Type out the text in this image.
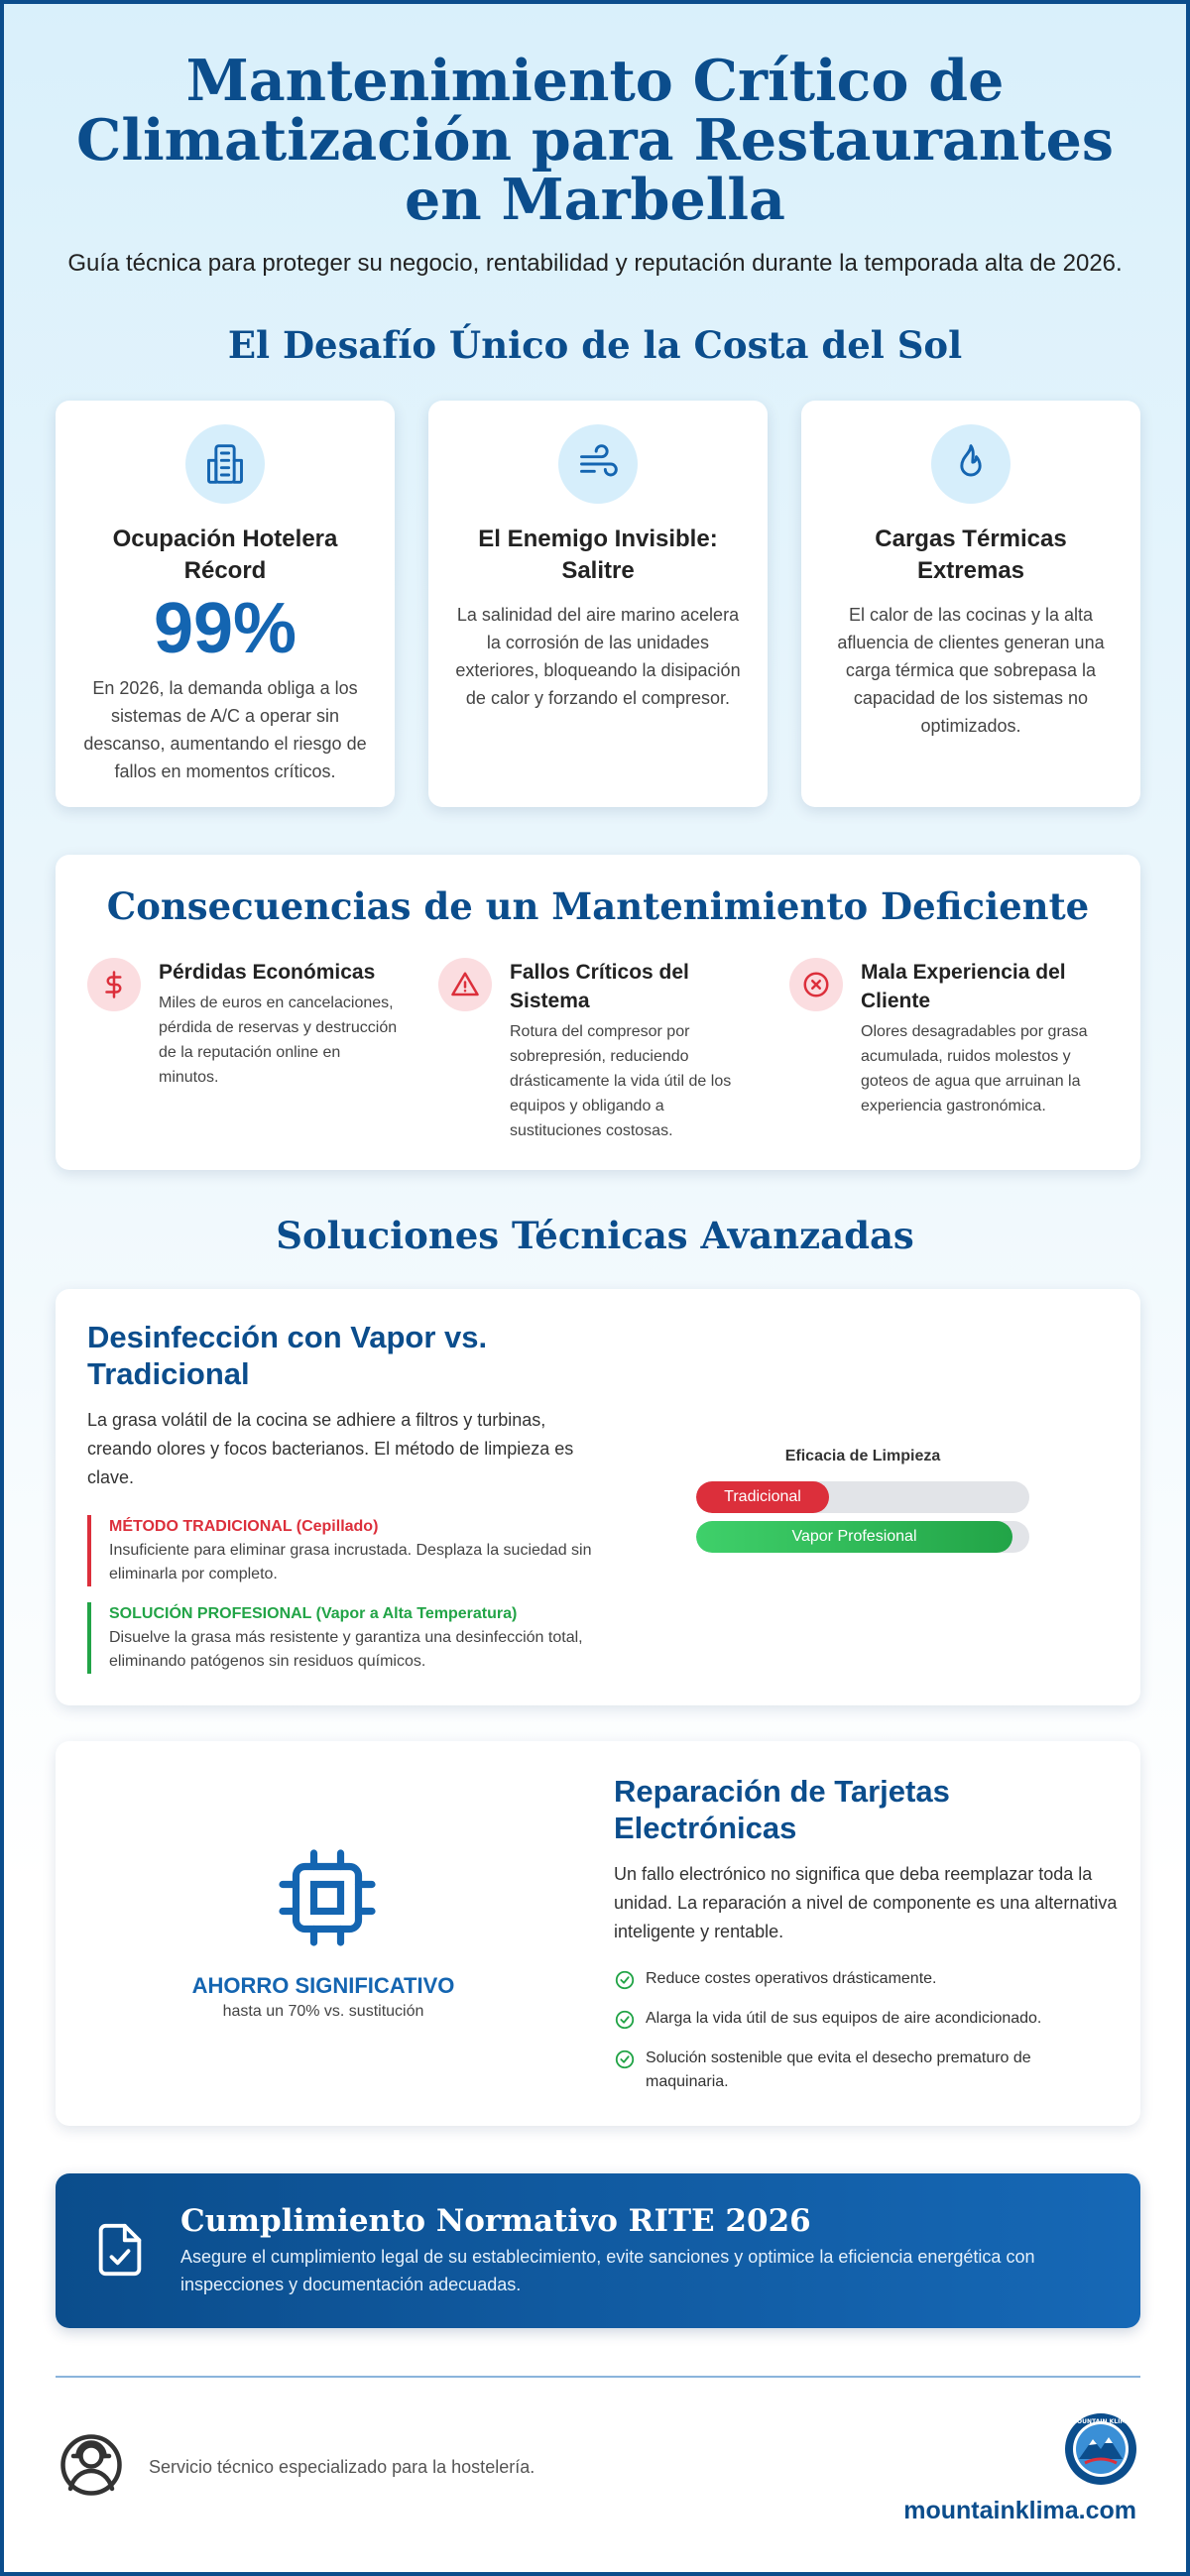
Mantenimiento Crítico de Climatización para Restaurantes en Marbella

Guía técnica para proteger su negocio, rentabilidad y reputación durante la temporada alta de 2026.

El Desafío Único de la Costa del Sol
Ocupación Hotelera Récord
99%

En 2026, la demanda obliga a los sistemas de A/C a operar sin descanso, aumentando el riesgo de fallos en momentos críticos.

El Enemigo Invisible: Salitre

La salinidad del aire marino acelera la corrosión de las unidades exteriores, bloqueando la disipación de calor y forzando el compresor.

Cargas Térmicas Extremas

El calor de las cocinas y la alta afluencia de clientes generan una carga térmica que sobrepasa la capacidad de los sistemas no optimizados.

Consecuencias de un Mantenimiento Deficiente
Pérdidas Económicas

Miles de euros en cancelaciones, pérdida de reservas y destrucción de la reputación online en minutos.

Fallos Críticos del Sistema

Rotura del compresor por sobrepresión, reduciendo drásticamente la vida útil de los equipos y obligando a sustituciones costosas.

Mala Experiencia del Cliente

Olores desagradables por grasa acumulada, ruidos molestos y goteos de agua que arruinan la experiencia gastronómica.

Soluciones Técnicas Avanzadas
Desinfección con Vapor vs. Tradicional

La grasa volátil de la cocina se adhiere a filtros y turbinas, creando olores y focos bacterianos. El método de limpieza es clave.

MÉTODO TRADICIONAL (Cepillado)
Insuficiente para eliminar grasa incrustada. Desplaza la suciedad sin eliminarla por completo.
SOLUCIÓN PROFESIONAL (Vapor a Alta Temperatura)
Disuelve la grasa más resistente y garantiza una desinfección total, eliminando patógenos sin residuos químicos.
Eficacia de Limpieza
Tradicional
Vapor Profesional
AHORRO SIGNIFICATIVO
hasta un 70% vs. sustitución
Reparación de Tarjetas Electrónicas

Un fallo electrónico no significa que deba reemplazar toda la unidad. La reparación a nivel de componente es una alternativa inteligente y rentable.

Reduce costes operativos drásticamente.
Alarga la vida útil de sus equipos de aire acondicionado.
Solución sostenible que evita el desecho prematuro de maquinaria.
Cumplimiento Normativo RITE 2026

Asegure el cumplimiento legal de su establecimiento, evite sanciones y optimice la eficiencia energética con inspecciones y documentación adecuadas.

Servicio técnico especializado para la hostelería.
MOUNTAIN KLIMA
mountainklima.com
